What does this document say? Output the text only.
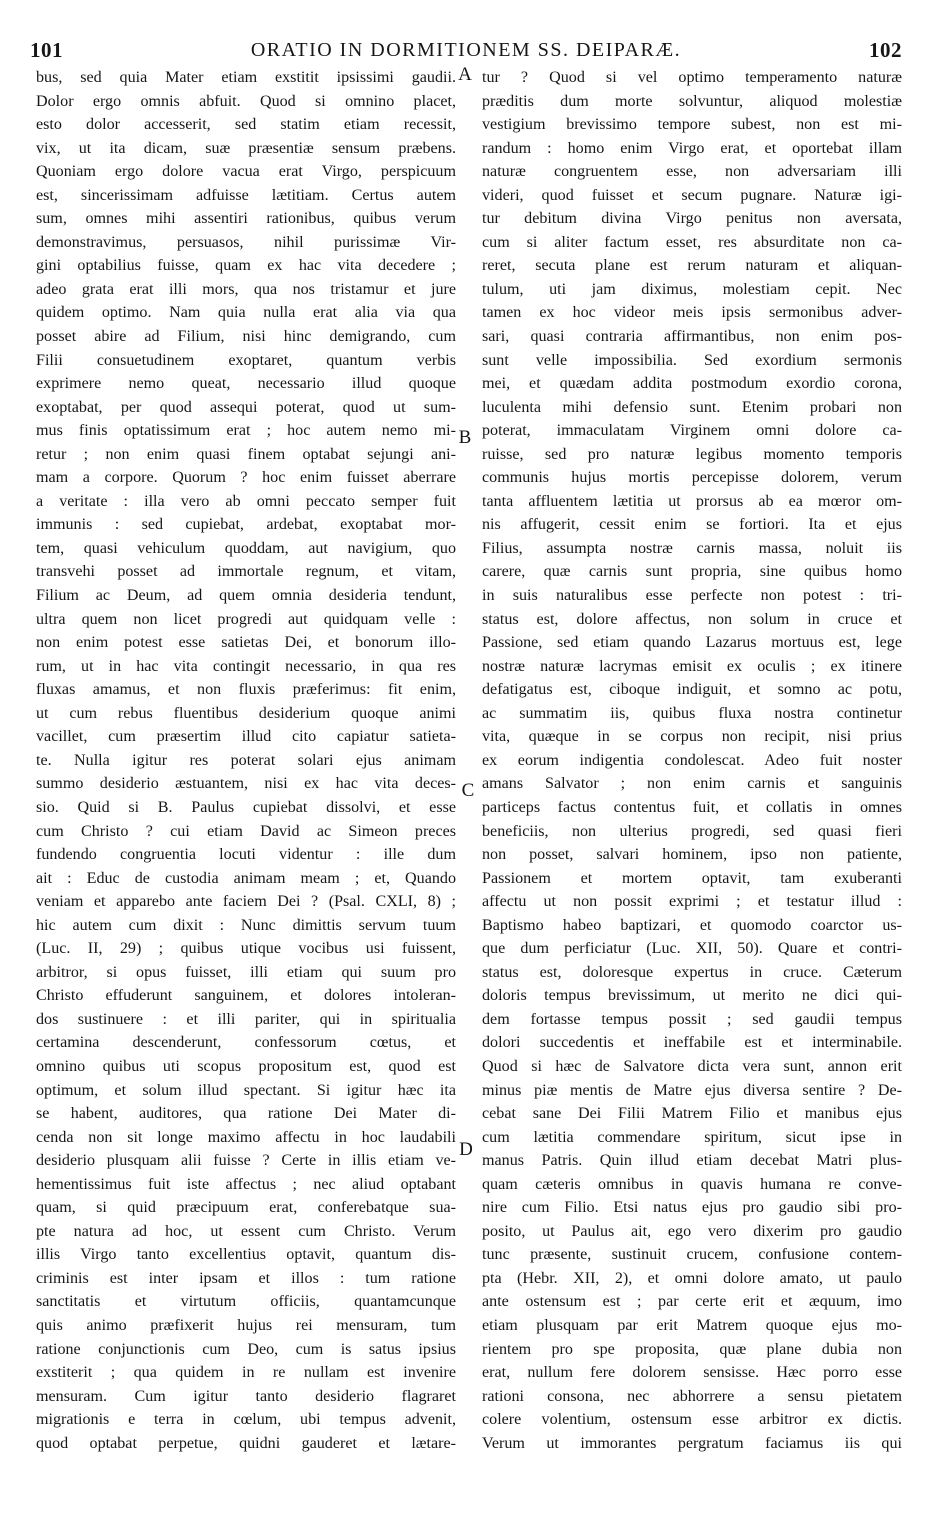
101	ORATIO IN DORMITIONEM SS. DEIPARÆ.	102
bus, sed quia Mater etiam exstitit ipsissimi gaudii.
Dolor ergo omnis abfuit. Quod si omnino placet,
esto dolor accesserit, sed statim etiam recessit,
vix, ut ita dicam, suæ præsentiæ sensum præbens.
Quoniam ergo dolore vacua erat Virgo, perspicuum
est, sincerissimam adfuisse lætitiam. Certus autem
sum, omnes mihi assentiri rationibus, quibus verum
demonstravimus, persuasos, nihil purissimæ Vir-
gini optabilius fuisse, quam ex hac vita decedere ;
adeo grata erat illi mors, qua nos tristamur et jure
quidem optimo. Nam quia nulla erat alia via qua
posset abire ad Filium, nisi hinc demigrando, cum
Filii consuetudinem exoptaret, quantum verbis
exprimere nemo queat, necessario illud quoque
exoptabat, per quod assequi poterat, quod ut sum-
mus finis optatissimum erat ; hoc autem nemo mi-
retur ; non enim quasi finem optabat sejungi ani-
mam a corpore. Quorum ? hoc enim fuisset aberrare
a veritate : illa vero ab omni peccato semper fuit
immunis : sed cupiebat, ardebat, exoptabat mor-
tem, quasi vehiculum quoddam, aut navigium, quo
transvehi posset ad immortale regnum, et vitam,
Filium ac Deum, ad quem omnia desideria tendunt,
ultra quem non licet progredi aut quidquam velle :
non enim potest esse satietas Dei, et bonorum illo-
rum, ut in hac vita contingit necessario, in qua res
fluxas amamus, et non fluxis præferimus: fit enim,
ut cum rebus fluentibus desiderium quoque animi
vacillet, cum præsertim illud cito capiatur satieta-
te. Nulla igitur res poterat solari ejus animam
summo desiderio æstuantem, nisi ex hac vita deces-
sio. Quid si B. Paulus cupiebat dissolvi, et esse
cum Christo ? cui etiam David ac Simeon preces
fundendo congruentia locuti videntur : ille dum
ait : Educ de custodia animam meam ; et, Quando
veniam et apparebo ante faciem Dei ? (Psal. CXLI, 8) ;
hic autem cum dixit : Nunc dimittis servum tuum
(Luc. II, 29) ; quibus utique vocibus usi fuissent,
arbitror, si opus fuisset, illi etiam qui suum pro
Christo effuderunt sanguinem, et dolores intoleran-
dos sustinuere : et illi pariter, qui in spiritualia
certamina descenderunt, confessorum cœtus, et
omnino quibus uti scopus propositum est, quod est
optimum, et solum illud spectant. Si igitur hæc ita
se habent, auditores, qua ratione Dei Mater di-
cenda non sit longe maximo affectu in hoc laudabili
desiderio plusquam alii fuisse ? Certe in illis etiam ve-
hementissimus fuit iste affectus ; nec aliud optabant
quam, si quid præcipuum erat, conferebatque sua-
pte natura ad hoc, ut essent cum Christo. Verum
illis Virgo tanto excellentius optavit, quantum dis-
criminis est inter ipsam et illos : tum ratione
sanctitatis et virtutum officiis, quantamcunque
quis animo præfixerit hujus rei mensuram, tum
ratione conjunctionis cum Deo, cum is satus ipsius
exstiterit ; qua quidem in re nullam est invenire
mensuram. Cum igitur tanto desiderio flagraret
migrationis e terra in cœlum, ubi tempus advenit,
quod optabat perpetue, quidni gauderet et lætare-
tur ? Quod si vel optimo temperamento naturæ
præditis dum morte solvuntur, aliquod molestiæ
vestigium brevissimo tempore subest, non est mi-
randum : homo enim Virgo erat, et oportebat illam
naturæ congruentem esse, non adversariam illi
videri, quod fuisset et secum pugnare. Naturæ igi-
tur debitum divina Virgo penitus non aversata,
cum si aliter factum esset, res absurditate non ca-
reret, secuta plane est rerum naturam et aliquan-
tulum, uti jam diximus, molestiam cepit. Nec
tamen ex hoc videor meis ipsis sermonibus adver-
sari, quasi contraria affirmantibus, non enim pos-
sunt velle impossibilia. Sed exordium sermonis
mei, et quædam addita postmodum exordio corona,
luculenta mihi defensio sunt. Etenim probari non
poterat, immaculatam Virginem omni dolore ca-
ruisse, sed pro naturæ legibus momento temporis
communis hujus mortis percepisse dolorem, verum
tanta affluentem lætitia ut prorsus ab ea mœror om-
nis affugerit, cessit enim se fortiori. Ita et ejus
Filius, assumpta nostræ carnis massa, noluit iis
carere, quæ carnis sunt propria, sine quibus homo
in suis naturalibus esse perfecte non potest : tri-
status est, dolore affectus, non solum in cruce et
Passione, sed etiam quando Lazarus mortuus est, lege
nostræ naturæ lacrymas emisit ex oculis ; ex itinere
defatigatus est, ciboque indiguit, et somno ac potu,
ac summatim iis, quibus fluxa nostra continetur
vita, quæque in se corpus non recipit, nisi prius
ex eorum indigentia condolescat. Adeo fuit noster
amans Salvator ; non enim carnis et sanguinis
particeps factus contentus fuit, et collatis in omnes
beneficiis, non ulterius progredi, sed quasi fieri
non posset, salvari hominem, ipso non patiente,
Passionem et mortem optavit, tam exuberanti
affectu ut non possit exprimi ; et testatur illud :
Baptismo habeo baptizari, et quomodo coarctor us-
que dum perficiatur (Luc. XII, 50). Quare et contri-
status est, doloresque expertus in cruce. Cæterum
doloris tempus brevissimum, ut merito ne dici qui-
dem fortasse tempus possit ; sed gaudii tempus
dolori succedentis et ineffabile est et interminabile.
Quod si hæc de Salvatore dicta vera sunt, annon erit
minus piæ mentis de Matre ejus diversa sentire ? De-
cebat sane Dei Filii Matrem Filio et manibus ejus
cum lætitia commendare spiritum, sicut ipse in
manus Patris. Quin illud etiam decebat Matri plus-
quam cæteris omnibus in quavis humana re conve-
nire cum Filio. Etsi natus ejus pro gaudio sibi pro-
posito, ut Paulus ait, ego vero dixerim pro gaudio
tunc præsente, sustinuit crucem, confusione contem-
pta (Hebr. XII, 2), et omni dolore amato, ut paulo
ante ostensum est ; par certe erit et æquum, imo
etiam plusquam par erit Matrem quoque ejus mo-
rientem pro spe proposita, quæ plane dubia non
erat, nullum fere dolorem sensisse. Hæc porro esse
rationi consona, nec abhorrere a sensu pietatem
colere volentium, ostensum esse arbitror ex dictis.
Verum ut immorantes pergratum faciamus iis qui
A
B
C
D
